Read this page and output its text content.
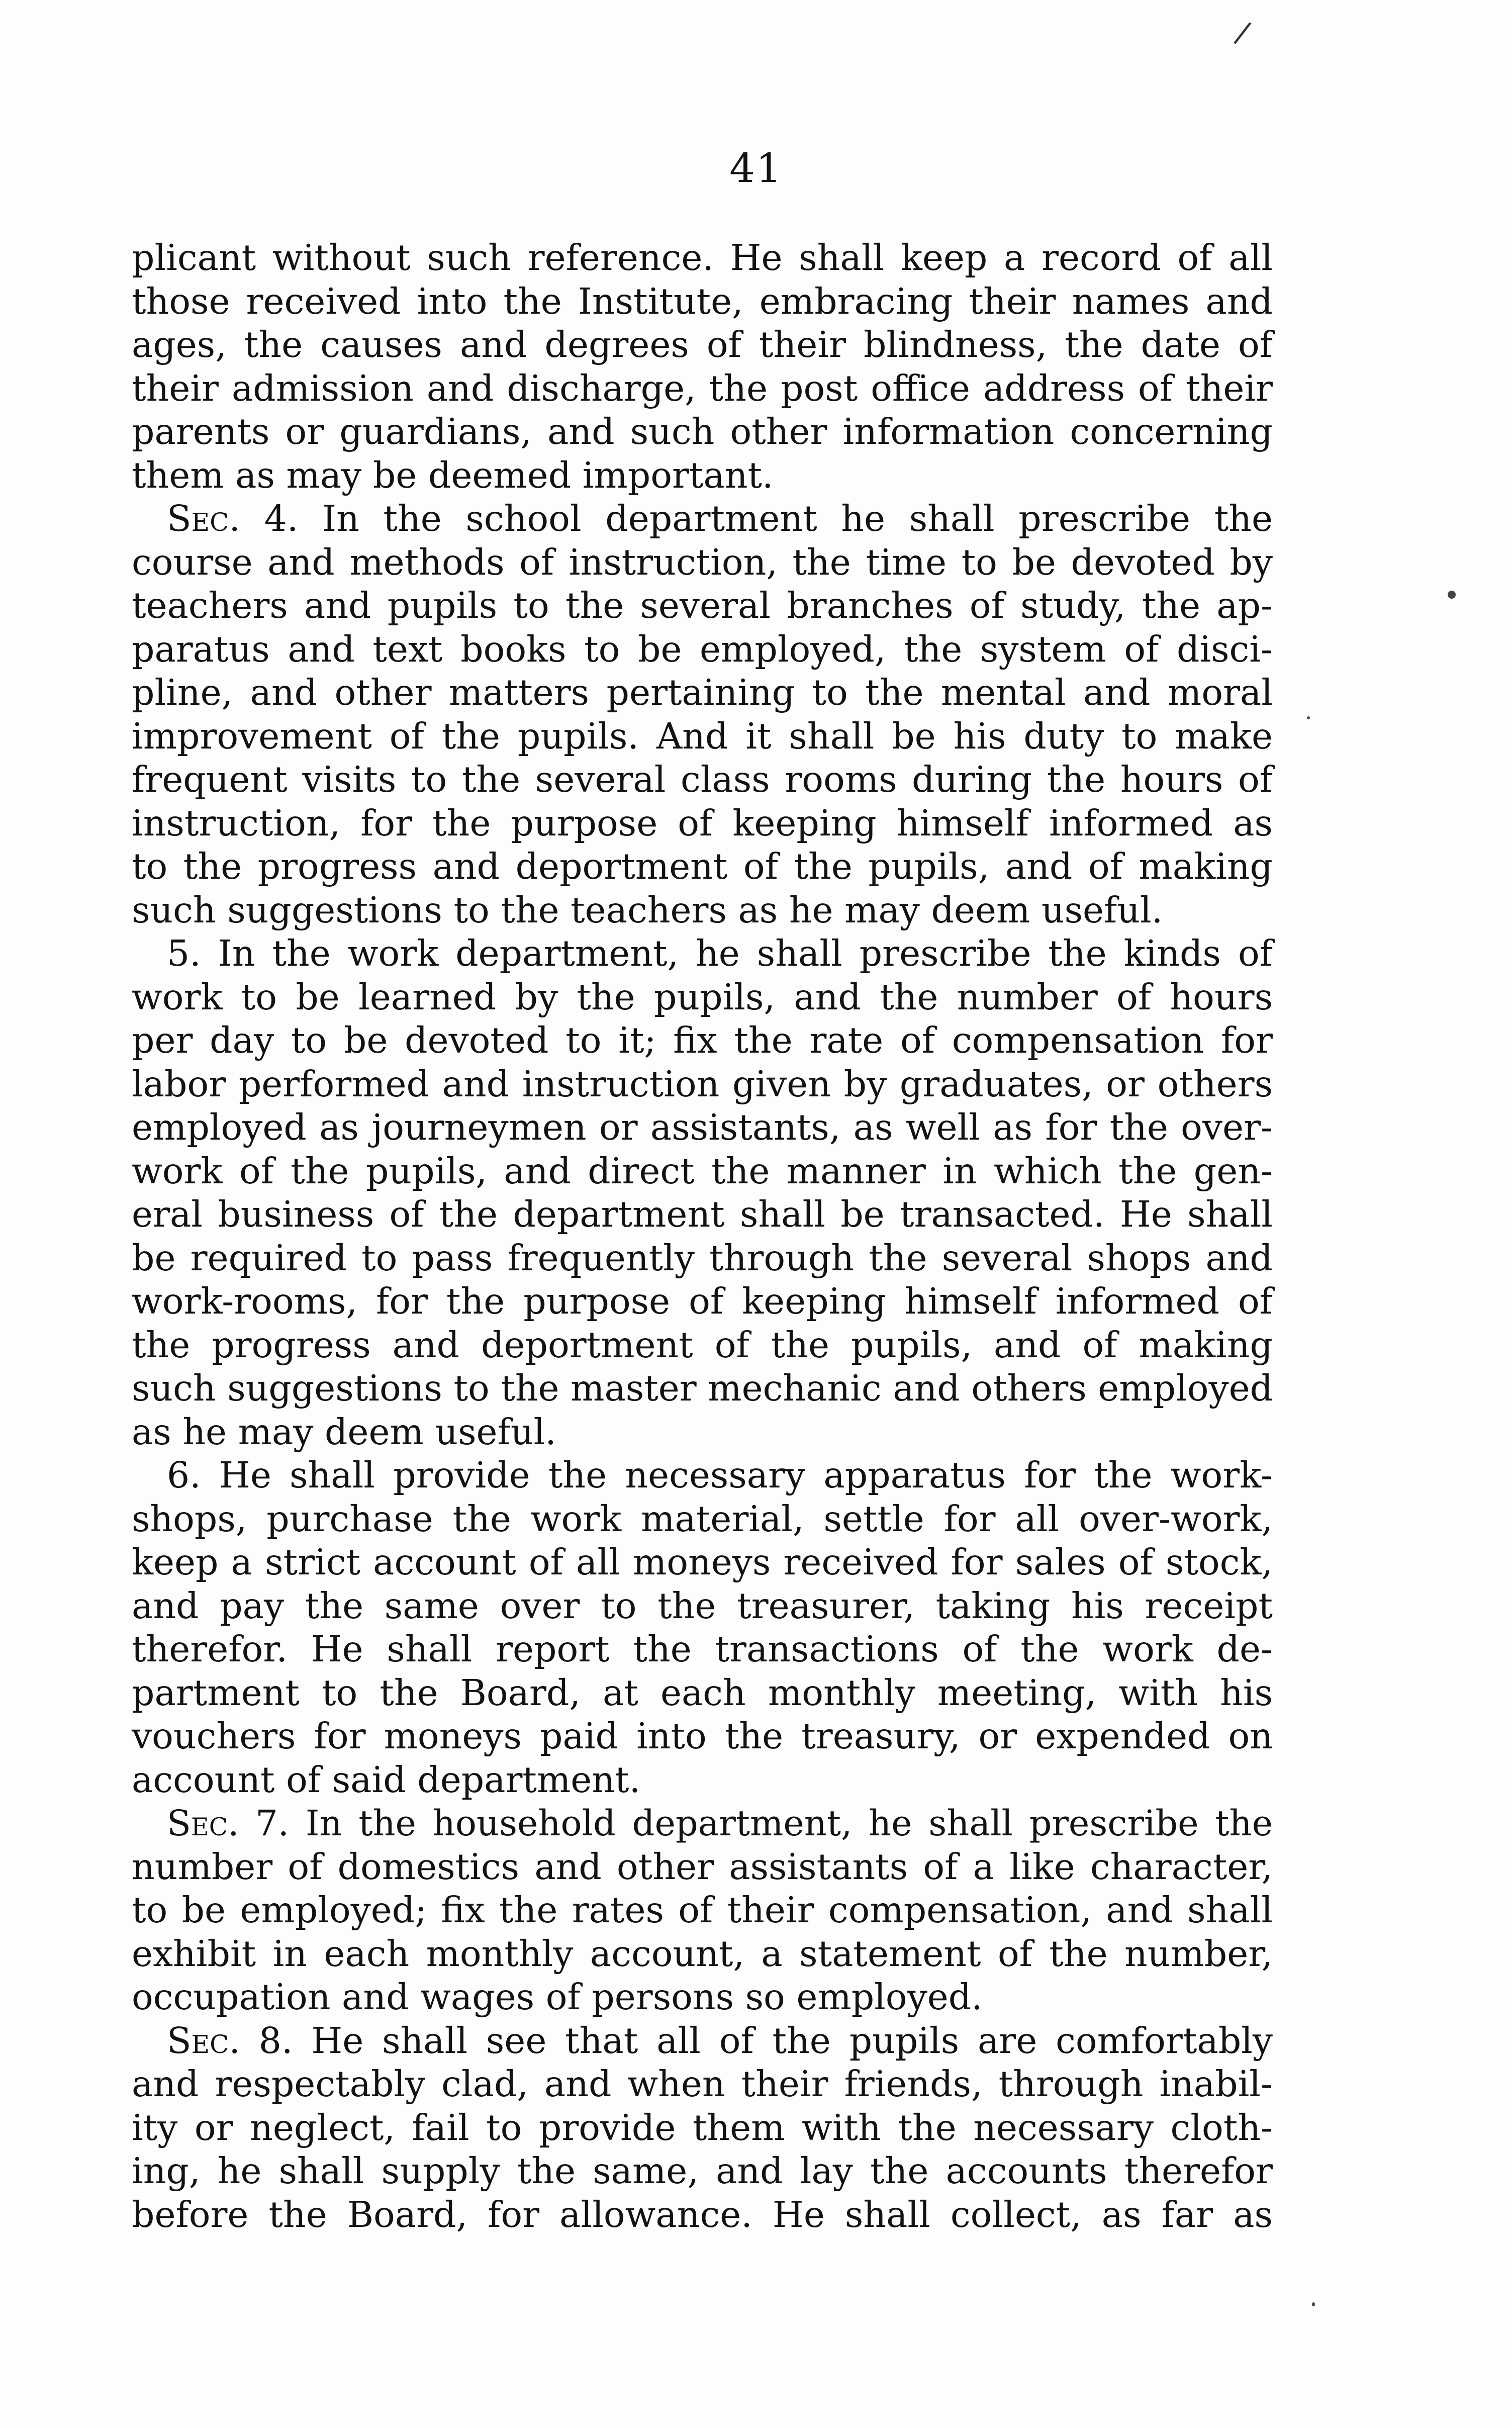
/
41
plicant without such reference. He shall keep a record of all
those received into the Institute, embracing their names and
ages, the causes and degrees of their blindness, the date of
their admission and discharge, the post office address of their
parents or guardians, and such other information concerning
them as may be deemed important.
Sec. 4. In the school department he shall prescribe the
course and methods of instruction, the time to be devoted by
teachers and pupils to the several branches of study, the ap-
paratus and text books to be employed, the system of disci-
pline, and other matters pertaining to the mental and moral
improvement of the pupils. And it shall be his duty to make
frequent visits to the several class rooms during the hours of
instruction, for the purpose of keeping himself informed as
to the progress and deportment of the pupils, and of making
such suggestions to the teachers as he may deem useful.
5. In the work department, he shall prescribe the kinds of
work to be learned by the pupils, and the number of hours
per day to be devoted to it; fix the rate of compensation for
labor performed and instruction given by graduates, or others
employed as journeymen or assistants, as well as for the over-
work of the pupils, and direct the manner in which the gen-
eral business of the department shall be transacted. He shall
be required to pass frequently through the several shops and
work-rooms, for the purpose of keeping himself informed of
the progress and deportment of the pupils, and of making
such suggestions to the master mechanic and others employed
as he may deem useful.
6. He shall provide the necessary apparatus for the work-
shops, purchase the work material, settle for all over-work,
keep a strict account of all moneys received for sales of stock,
and pay the same over to the treasurer, taking his receipt
therefor. He shall report the transactions of the work de-
partment to the Board, at each monthly meeting, with his
vouchers for moneys paid into the treasury, or expended on
account of said department.
Sec. 7. In the household department, he shall prescribe the
number of domestics and other assistants of a like character,
to be employed; fix the rates of their compensation, and shall
exhibit in each monthly account, a statement of the number,
occupation and wages of persons so employed.
Sec. 8. He shall see that all of the pupils are comfortably
and respectably clad, and when their friends, through inabil-
ity or neglect, fail to provide them with the necessary cloth-
ing, he shall supply the same, and lay the accounts therefor
before the Board, for allowance. He shall collect, as far as
